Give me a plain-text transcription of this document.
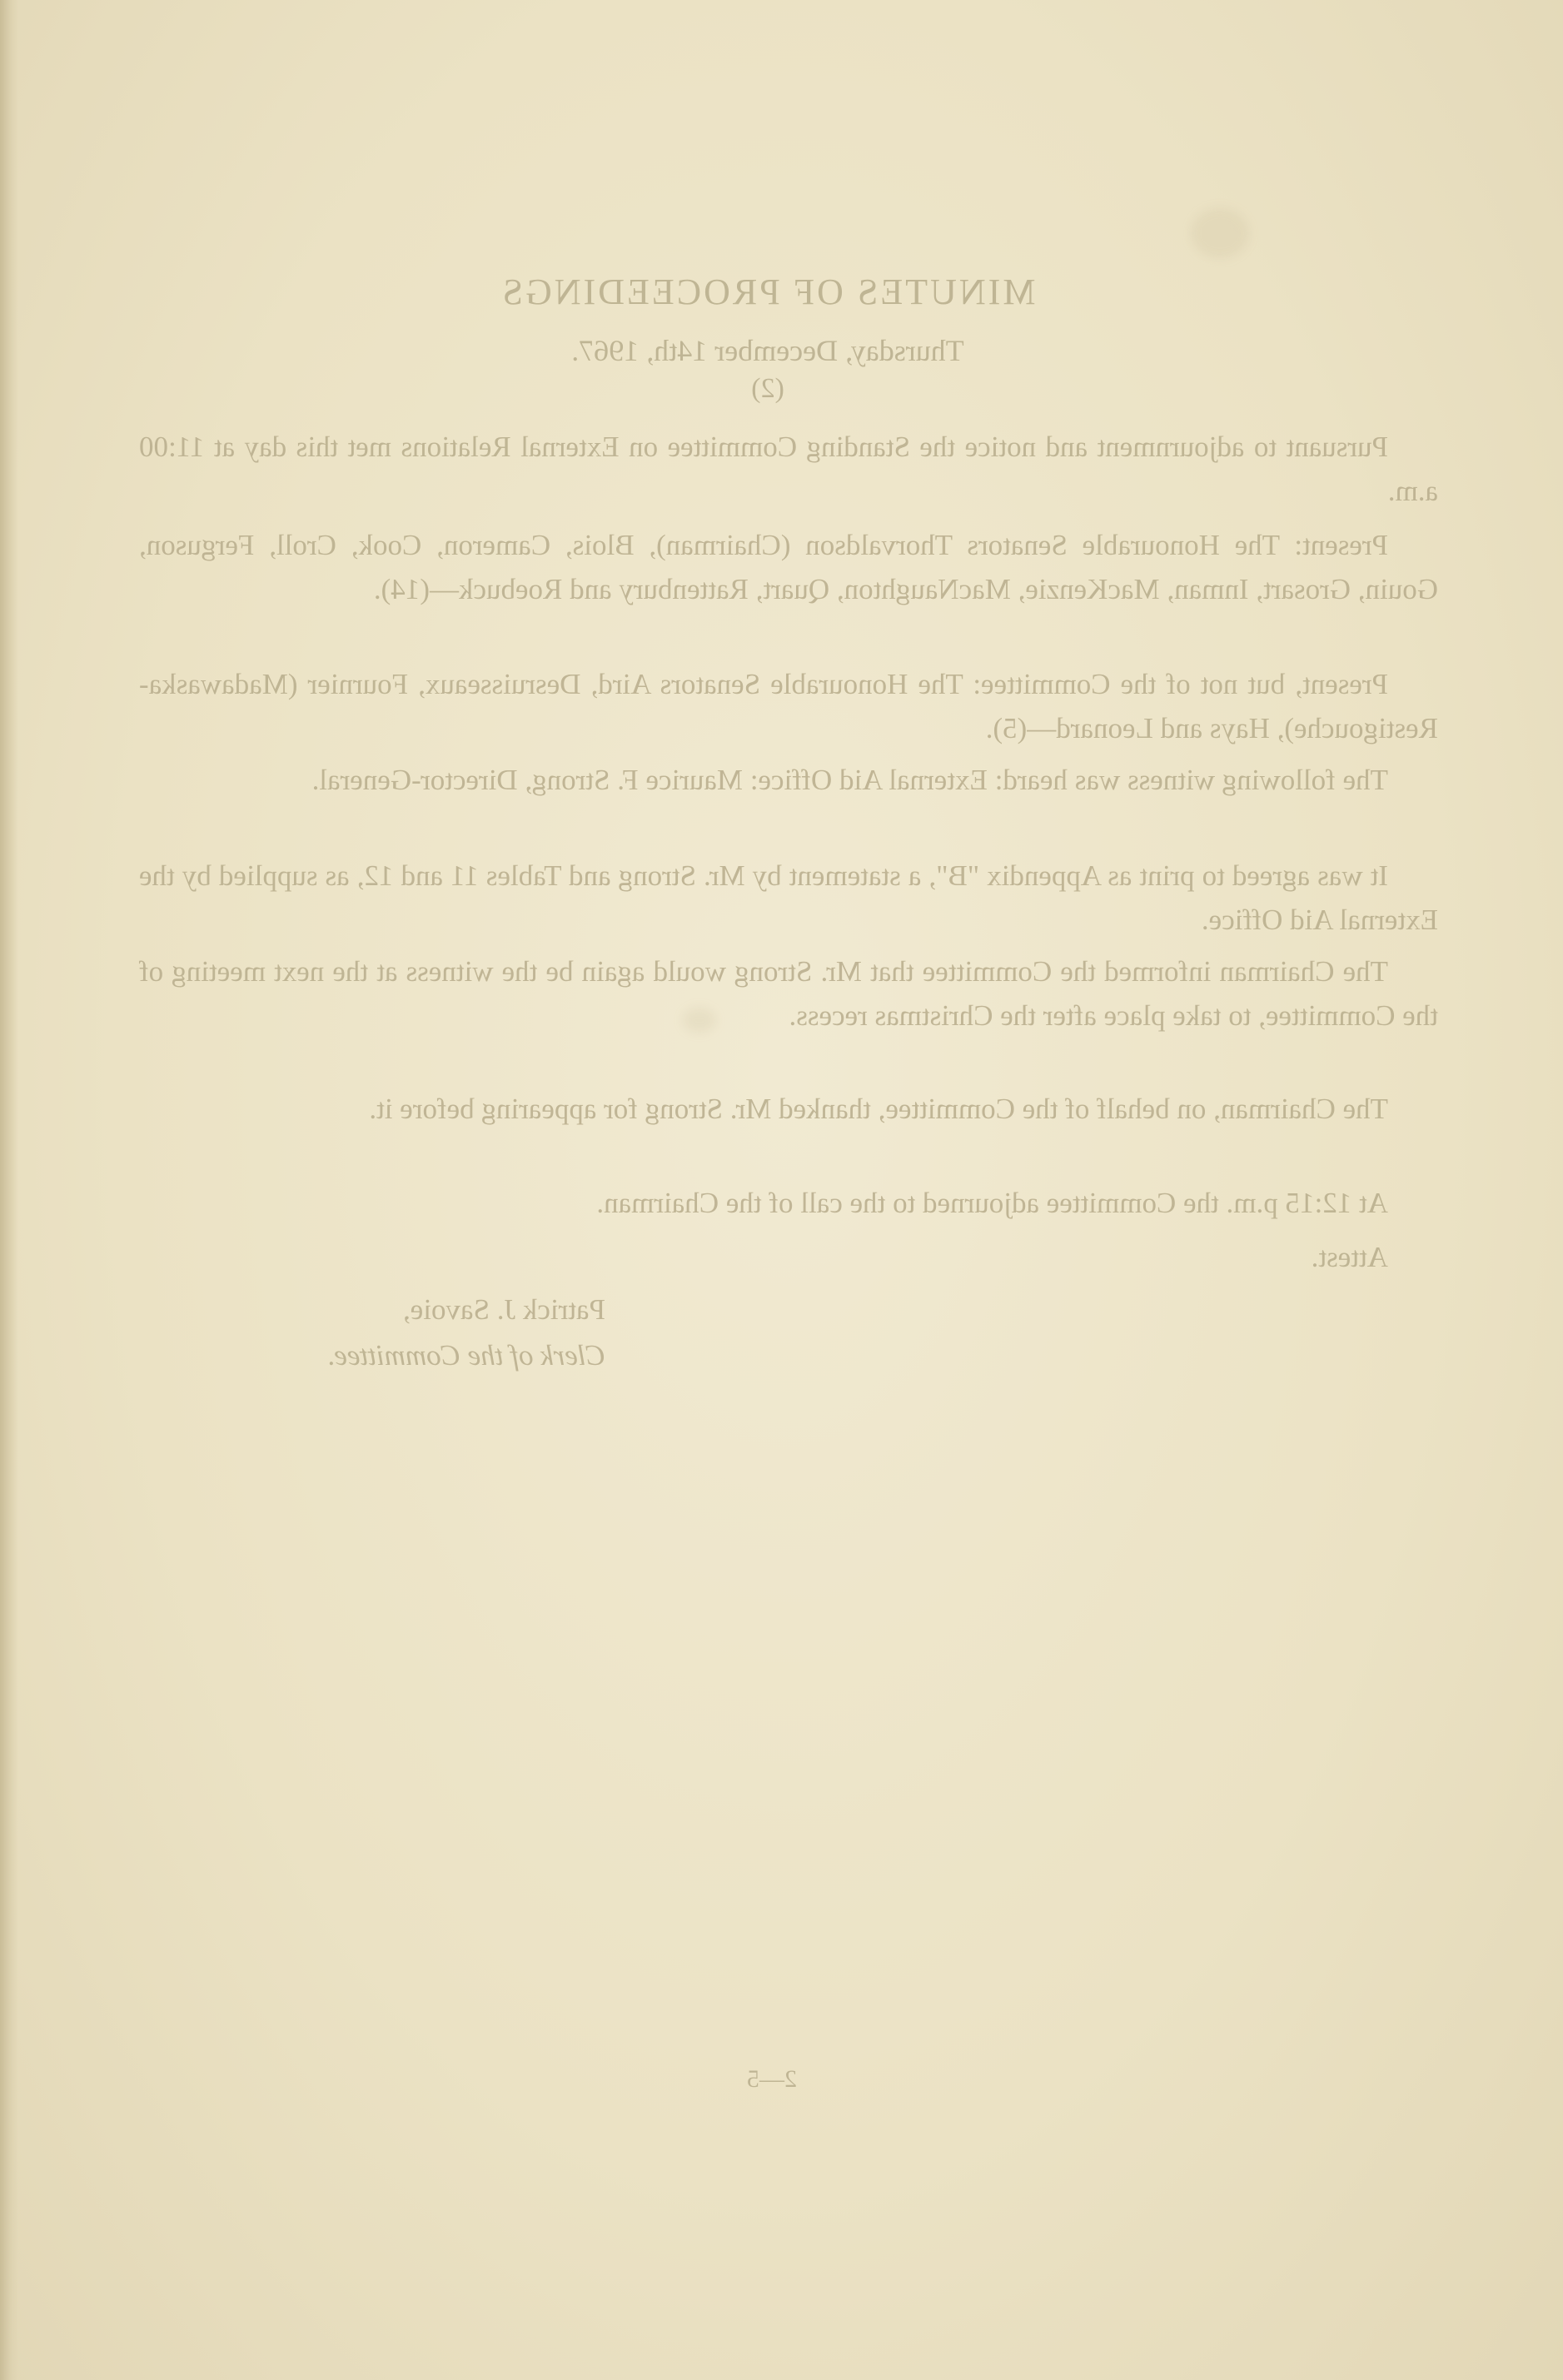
MINUTES OF PROCEEDINGS
Thursday, December 14th, 1967.
(2)

Pursuant to adjournment and notice the Standing Committee on External Relations met this day at 11:00 a.m.

Present: The Honourable Senators Thorvaldson (Chairman), Blois, Cameron, Cook, Croll, Ferguson, Gouin, Grosart, Inman, MacKenzie, MacNaughton, Quart, Rattenbury and Roebuck—(14).

Present, but not of the Committee: The Honourable Senators Aird, Desruisseaux, Fournier (Madawaska-Restigouche), Hays and Leonard—(5).

The following witness was heard: External Aid Office: Maurice F. Strong, Director-General.

It was agreed to print as Appendix "B", a statement by Mr. Strong and Tables 11 and 12, as supplied by the External Aid Office.

The Chairman informed the Committee that Mr. Strong would again be the witness at the next meeting of the Committee, to take place after the Christmas recess.

The Chairman, on behalf of the Committee, thanked Mr. Strong for appearing before it.

At 12:15 p.m. the Committee adjourned to the call of the Chairman.

Attest.
Patrick J. Savoie,
Clerk of the Committee.
2—5
